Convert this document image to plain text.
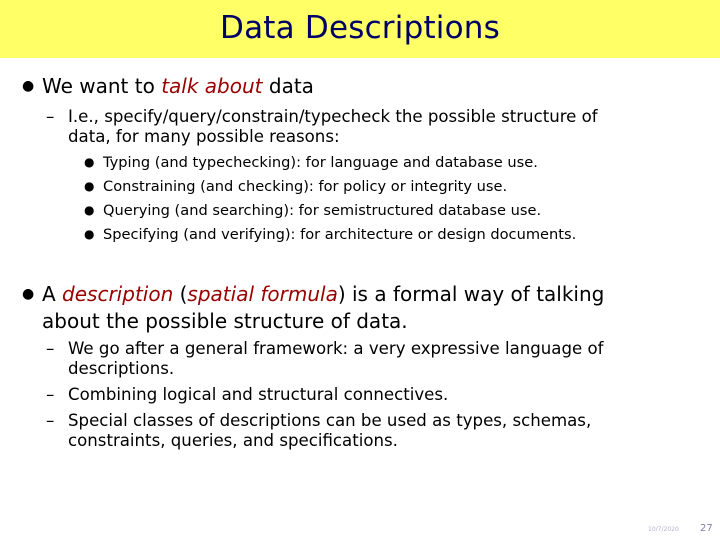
Data Descriptions
● We want to talk about data
– I.e., specify/query/constrain/typecheck the possible structure of
data, for many possible reasons:
● Typing (and typechecking): for language and database use.
● Constraining (and checking): for policy or integrity use.
● Querying (and searching): for semistructured database use.
● Specifying (and verifying): for architecture or design documents.
● A description (spatial formula) is a formal way of talking
about the possible structure of data.
– We go after a general framework: a very expressive language of
descriptions.
– Combining logical and structural connectives.
– Special classes of descriptions can be used as types, schemas,
constraints, queries, and specifications.
10/7/2020 27
